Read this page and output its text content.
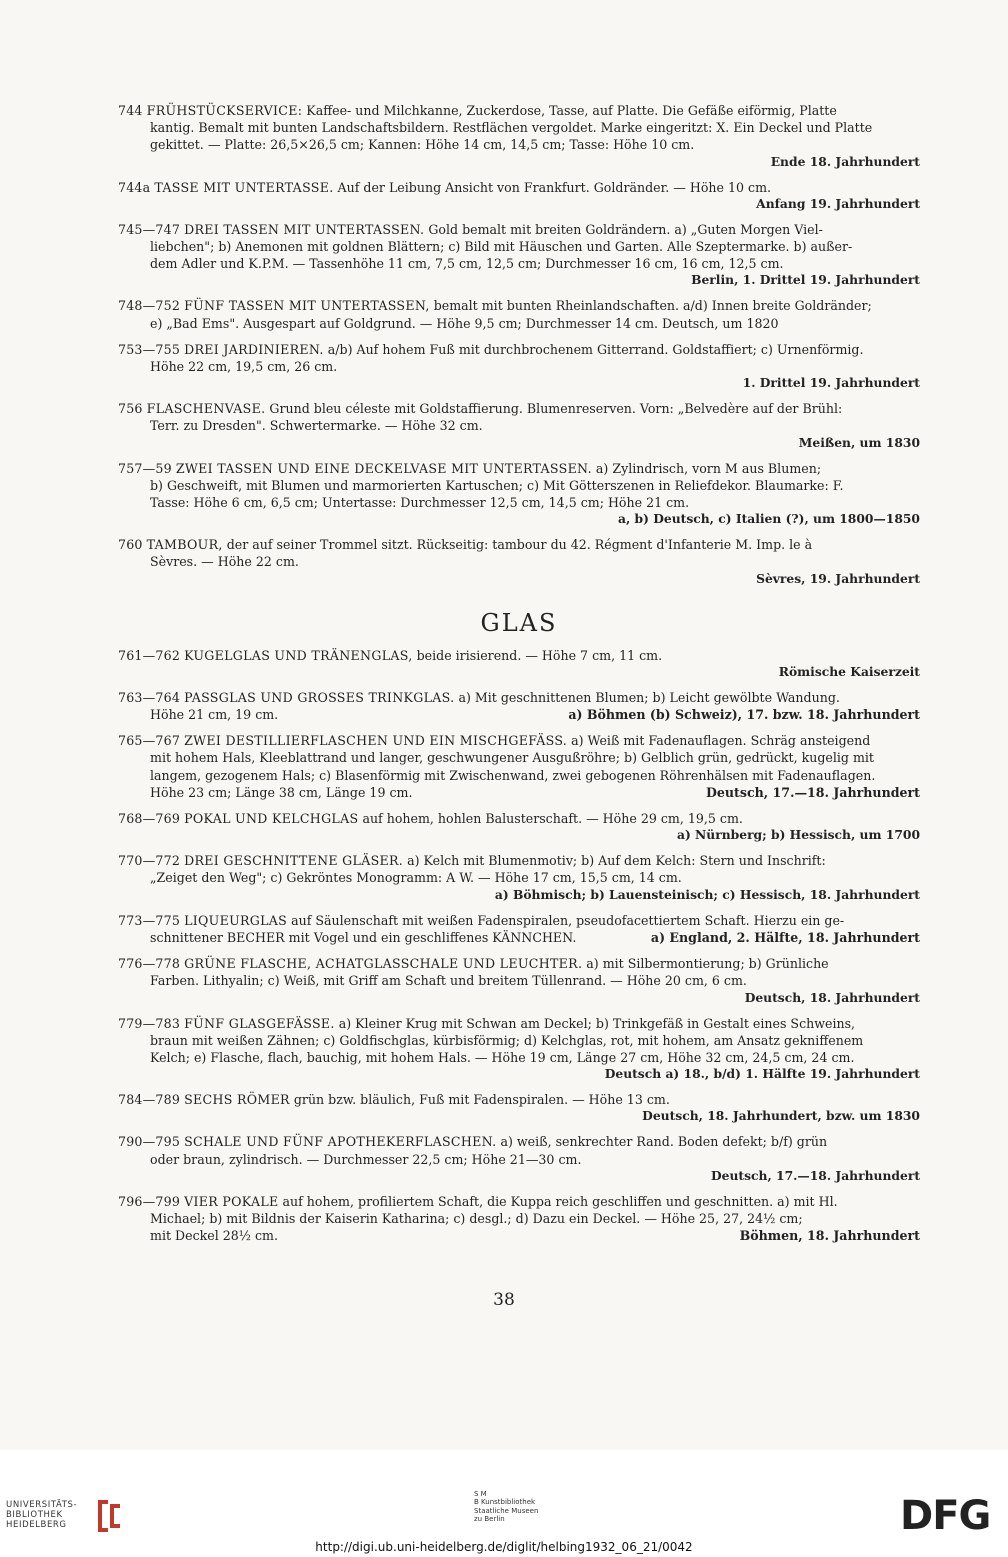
744 FRÜHSTÜCKSERVICE: Kaffee- und Milchkanne, Zuckerdose, Tasse, auf Platte. Die Gefäße eiförmig, Platte
kantig. Bemalt mit bunten Landschaftsbildern. Restflächen vergoldet. Marke eingeritzt: X. Ein Deckel und Platte
gekittet. — Platte: 26,5×26,5 cm; Kannen: Höhe 14 cm, 14,5 cm; Tasse: Höhe 10 cm.
Ende 18. Jahrhundert
744a TASSE MIT UNTERTASSE. Auf der Leibung Ansicht von Frankfurt. Goldränder. — Höhe 10 cm.
Anfang 19. Jahrhundert
745—747 DREI TASSEN MIT UNTERTASSEN. Gold bemalt mit breiten Goldrändern. a) „Guten Morgen Viel-
liebchen"; b) Anemonen mit goldnen Blättern; c) Bild mit Häuschen und Garten. Alle Szeptermarke. b) außer-
dem Adler und K.P.M. — Tassenhöhe 11 cm, 7,5 cm, 12,5 cm; Durchmesser 16 cm, 16 cm, 12,5 cm.
Berlin, 1. Drittel 19. Jahrhundert
748—752 FÜNF TASSEN MIT UNTERTASSEN, bemalt mit bunten Rheinlandschaften. a/d) Innen breite Goldränder;
e) „Bad Ems". Ausgespart auf Goldgrund. — Höhe 9,5 cm; Durchmesser 14 cm. Deutsch, um 1820
753—755 DREI JARDINIEREN. a/b) Auf hohem Fuß mit durchbrochenem Gitterrand. Goldstaffiert; c) Urnenförmig.
Höhe 22 cm, 19,5 cm, 26 cm.
1. Drittel 19. Jahrhundert
756 FLASCHENVASE. Grund bleu céleste mit Goldstaffierung. Blumenreserven. Vorn: „Belvedère auf der Brühl:
Terr. zu Dresden". Schwertermarke. — Höhe 32 cm.
Meißen, um 1830
757—59 ZWEI TASSEN UND EINE DECKELVASE MIT UNTERTASSEN. a) Zylindrisch, vorn M aus Blumen;
b) Geschweift, mit Blumen und marmorierten Kartuschen; c) Mit Götterszenen in Reliefdekor. Blaumarke: F.
Tasse: Höhe 6 cm, 6,5 cm; Untertasse: Durchmesser 12,5 cm, 14,5 cm; Höhe 21 cm.
a, b) Deutsch, c) Italien (?), um 1800—1850
760 TAMBOUR, der auf seiner Trommel sitzt. Rückseitig: tambour du 42. Régment d'Infanterie M. Imp. le à
Sèvres. — Höhe 22 cm.
Sèvres, 19. Jahrhundert
GLAS
761—762 KUGELGLAS UND TRÄNENGLAS, beide irisierend. — Höhe 7 cm, 11 cm.
Römische Kaiserzeit
763—764 PASSGLAS UND GROSSES TRINKGLAS. a) Mit geschnittenen Blumen; b) Leicht gewölbte Wandung.
Höhe 21 cm, 19 cm.	a) Böhmen (b) Schweiz), 17. bzw. 18. Jahrhundert
765—767 ZWEI DESTILLIERFLASCHEN UND EIN MISCHGEFÄSS. a) Weiß mit Fadenauflagen. Schräg ansteigend
mit hohem Hals, Kleeblattrand und langer, geschwungener Ausgußröhre; b) Gelblich grün, gedrückt, kugelig mit
langem, gezogenem Hals; c) Blasenförmig mit Zwischenwand, zwei gebogenen Röhrenhälsen mit Fadenauflagen.
Höhe 23 cm; Länge 38 cm, Länge 19 cm.	Deutsch, 17.—18. Jahrhundert
768—769 POKAL UND KELCHGLAS auf hohem, hohlen Balusterschaft. — Höhe 29 cm, 19,5 cm.
a) Nürnberg; b) Hessisch, um 1700
770—772 DREI GESCHNITTENE GLÄSER. a) Kelch mit Blumenmotiv; b) Auf dem Kelch: Stern und Inschrift:
„Zeiget den Weg"; c) Gekröntes Monogramm: A W. — Höhe 17 cm, 15,5 cm, 14 cm.
a) Böhmisch; b) Lauensteinisch; c) Hessisch, 18. Jahrhundert
773—775 LIQUEURGLAS auf Säulenschaft mit weißen Fadenspiralen, pseudofacettiertem Schaft. Hierzu ein ge-
schnittener BECHER mit Vogel und ein geschliffenes KÄNNCHEN.	a) England, 2. Hälfte, 18. Jahrhundert
776—778 GRÜNE FLASCHE, ACHATGLASSCHALE UND LEUCHTER. a) mit Silbermontierung; b) Grünliche
Farben. Lithyalin; c) Weiß, mit Griff am Schaft und breitem Tüllenrand. — Höhe 20 cm, 6 cm.
Deutsch, 18. Jahrhundert
779—783 FÜNF GLASGEFÄSSE. a) Kleiner Krug mit Schwan am Deckel; b) Trinkgefäß in Gestalt eines Schweins,
braun mit weißen Zähnen; c) Goldfischglas, kürbisförmig; d) Kelchglas, rot, mit hohem, am Ansatz gekniffenem
Kelch; e) Flasche, flach, bauchig, mit hohem Hals. — Höhe 19 cm, Länge 27 cm, Höhe 32 cm, 24,5 cm, 24 cm.
Deutsch a) 18., b/d) 1. Hälfte 19. Jahrhundert
784—789 SECHS RÖMER grün bzw. bläulich, Fuß mit Fadenspiralen. — Höhe 13 cm.
Deutsch, 18. Jahrhundert, bzw. um 1830
790—795 SCHALE UND FÜNF APOTHEKERFLASCHEN. a) weiß, senkrechter Rand. Boden defekt; b/f) grün
oder braun, zylindrisch. — Durchmesser 22,5 cm; Höhe 21—30 cm.
Deutsch, 17.—18. Jahrhundert
796—799 VIER POKALE auf hohem, profiliertem Schaft, die Kuppa reich geschliffen und geschnitten. a) mit Hl.
Michael; b) mit Bildnis der Kaiserin Katharina; c) desgl.; d) Dazu ein Deckel. — Höhe 25, 27, 24½ cm;
mit Deckel 28½ cm.	Böhmen, 18. Jahrhundert
38
UNIVERSITÄTS-
BIBLIOTHEK
HEIDELBERG
S M
B Kunstbibliothek
Staatliche Museen
zu Berlin	DFG
http://digi.ub.uni-heidelberg.de/diglit/helbing1932_06_21/0042
